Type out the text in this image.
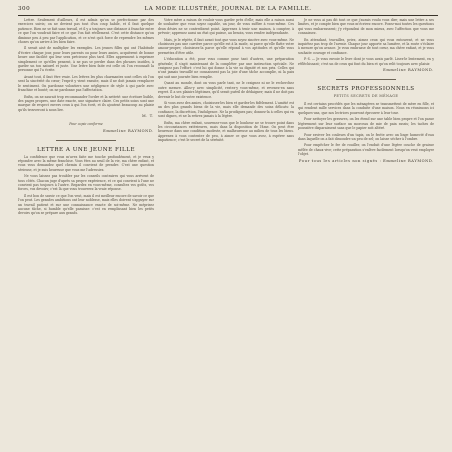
300	LA MODE ILLUSTRÉE, JOURNAL DE LA FAMILLE.

Lettre. Seulement d'ailleurs, il est admis qu'on se perfectionne par des exercices suivis; on ne devient pas tout d'un coup habile, et il faut quelque patience. Rien ne se fait sans travail, et il y a toujours une distance à franchir entre ce que l'on voudrait faire et ce que l'on fait réellement. C'est cette distance qu'on diminue peu à peu par l'application, et ce n'est qu'à force de reprendre les mêmes choses qu'on arrive à les bien faire.

Il serait aisé de multiplier les exemples. Les jeunes filles qui ont l'habitude d'écrire chaque jour, pour leurs parents ou pour leurs amies, acquièrent de bonne heure une facilité qui leur sera précieuse plus tard. Elles apprennent à exprimer simplement ce qu'elles pensent, à ne pas se perdre dans des phrases inutiles, à garder un ton naturel et juste. Une lettre bien faite est celle où l'on reconnaît la personne qui l'a écrite.

Avant tout, il faut être vraie. Les lettres les plus charmantes sont celles où l'on sent la sincérité du cœur; l'esprit y vient ensuite, mais il ne doit jamais remplacer le sentiment. On pardonne volontiers une négligence de style à qui parle avec franchise et bonté; on ne pardonne pas l'affectation.

Enfin, on ne saurait trop recommander l'ordre et la netteté: une écriture lisible, des pages propres, une date exacte, une signature claire. Ces petits soins sont une marque de respect envers ceux à qui l'on écrit, et ils ajoutent beaucoup au plaisir qu'ils trouveront à nous lire.

M. T.
Pour copie conforme
Emmeline RAYMOND.
LETTRE A UNE JEUNE FILLE

La confidence que vous m'avez faite me touche profondément, et je veux y répondre avec la même franchise. Vous êtes au seuil de la vie, ma chère enfant, et vous vous demandez quel chemin il convient de prendre. C'est une question sérieuse, et je suis heureuse que vous me l'adressiez.

Ne vous laissez pas troubler par les conseils contraires qui vous arrivent de tous côtés. Chacun juge d'après sa propre expérience, et ce qui convient à l'une ne convient pas toujours à l'autre. Regardez en vous-même, consultez vos goûts, vos forces, vos devoirs; c'est là que vous trouverez la vraie réponse.

Il est bon de savoir ce que l'on veut, mais il est meilleur encore de savoir ce que l'on peut. Les grandes ambitions ont leur noblesse, mais elles doivent s'appuyer sur un travail patient et sur une connaissance exacte de soi-même. Ne méprisez aucune tâche, si humble qu'elle paraisse: c'est en remplissant bien les petits devoirs qu'on se prépare aux grands.

Votre mère a raison de vouloir vous garder près d'elle; mais elle a raison aussi de souhaiter que vous soyez capable, un jour, de vous suffire à vous-même. Ces deux désirs ne se contredisent point. Apprenez à tenir une maison, à compter, à prévoir; apprenez aussi un état qui puisse, au besoin, vous rendre indépendante.

Mais, je le répète, il faut avant tout que vous soyez sincère avec vous-même. Ne choisissez pas une carrière parce qu'elle est à la mode, ni parce qu'elle flatte votre amour-propre; choisissez-la parce qu'elle répond à vos aptitudes et qu'elle vous permettra d'être utile.

L'éducation a été, pour vous comme pour tant d'autres, une préparation générale; il s'agit maintenant de la compléter par une instruction spéciale. Ne craignez pas l'effort: c'est lui qui donne à la vie sa dignité et son prix. Celles qui n'ont jamais travaillé ne connaissent pas la joie d'une tâche accomplie, ni la paix qui suit une journée bien remplie.

Quant au monde, dont on vous parle tant, ne le craignez ni ne le recherchez outre mesure. Allez-y avec simplicité, restez-y vous-même, et revenez-en sans regret. Il a ses plaisirs légitimes, qu'il serait puéril de dédaigner; mais il ne doit pas devenir le but de votre existence.

Si vous avez des amies, choisissez-les bien et gardez-les fidèlement. L'amitié est un des plus grands biens de la vie, mais elle demande des soins délicats: la confiance, la discrétion, l'indulgence. Ne la prodiguez pas; donnez-la à celles qui en sont dignes, et ne la retirez jamais à la légère.

Enfin, ma chère enfant, souvenez-vous que le bonheur ne se trouve point dans les circonstances extérieures, mais dans la disposition de l'âme. On peut être heureuse dans une condition modeste, et malheureuse au milieu de tous les biens. Apprenez à vous contenter de peu, à aimer ce que vous avez, à espérer sans impatience; c'est le secret de la sérénité.

Je ne vous ai pas dit tout ce que j'aurais voulu vous dire; mais une lettre a ses limites, et je compte bien que vous m'écrirez encore. Posez-moi toutes les questions qui vous embarrassent; j'y répondrai de mon mieux, avec l'affection que vous me connaissez.

En attendant, travaillez, priez, aimez ceux qui vous entourent, et ne vous inquiétez pas trop de l'avenir. Chaque jour apporte sa lumière, et la route s'éclaire à mesure qu'on avance. Je vous embrasse de tout cœur, ma chère enfant, et je vous souhaite courage et confiance.

P.-S. — Je vous envoie le livre dont je vous avais parlé. Lisez-le lentement, en y réfléchissant; c'est un de ceux qui font du bien et qu'on relit toujours avec plaisir.

Emmeline RAYMOND.
SECRETS PROFESSIONNELS
PETITS SECRETS DE MÉNAGE

Il est certains procédés que les ménagères se transmettent de mère en fille, et qui rendent mille services dans la conduite d'une maison. Nous en réunissons ici quelques-uns, que nos lectrices pourront éprouver à leur tour.

Pour nettoyer les gravures, on les étend sur une table bien propre et l'on passe légèrement sur leur surface un morceau de mie de pain rassis; les taches de poussière disparaissent sans que le papier soit altéré.

Pour raviver les couleurs d'un tapis, on le frotte avec un linge humecté d'eau dans laquelle on a fait dissoudre un peu de sel; on laisse sécher à l'ombre.

Pour empêcher le fer de rouiller, on l'enduit d'une légère couche de graisse mêlée de chaux vive; cette préparation s'enlève facilement lorsqu'on veut employer l'objet.

Pour tous les articles non signés : Emmeline RAYMOND.
